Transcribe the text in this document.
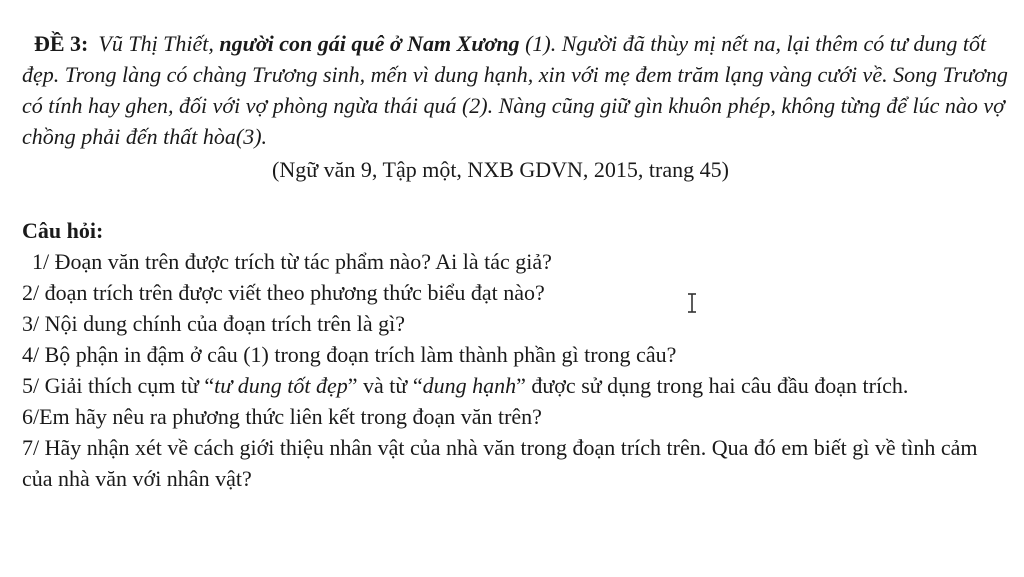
ĐỀ 3: Vũ Thị Thiết, người con gái quê ở Nam Xương (1). Người đã thùy mị nết na, lại thêm có tư dung tốt đẹp. Trong làng có chàng Trương sinh, mến vì dung hạnh, xin với mẹ đem trăm lạng vàng cưới về. Song Trương có tính hay ghen, đối với vợ phòng ngừa thái quá (2). Nàng cũng giữ gìn khuôn phép, không từng để lúc nào vợ chồng phải đến thất hòa(3).

(Ngữ văn 9, Tập một, NXB GDVN, 2015, trang 45)

Câu hỏi:

1/ Đoạn văn trên được trích từ tác phẩm nào? Ai là tác giả?
2/ đoạn trích trên được viết theo phương thức biểu đạt nào?
3/ Nội dung chính của đoạn trích trên là gì?
4/ Bộ phận in đậm ở câu (1) trong đoạn trích làm thành phần gì trong câu?
5/ Giải thích cụm từ “tư dung tốt đẹp” và từ “dung hạnh” được sử dụng trong hai câu đầu đoạn trích.
6/Em hãy nêu ra phương thức liên kết trong đoạn văn trên?
7/ Hãy nhận xét về cách giới thiệu nhân vật của nhà văn trong đoạn trích trên. Qua đó em biết gì về tình cảm của nhà văn với nhân vật?
